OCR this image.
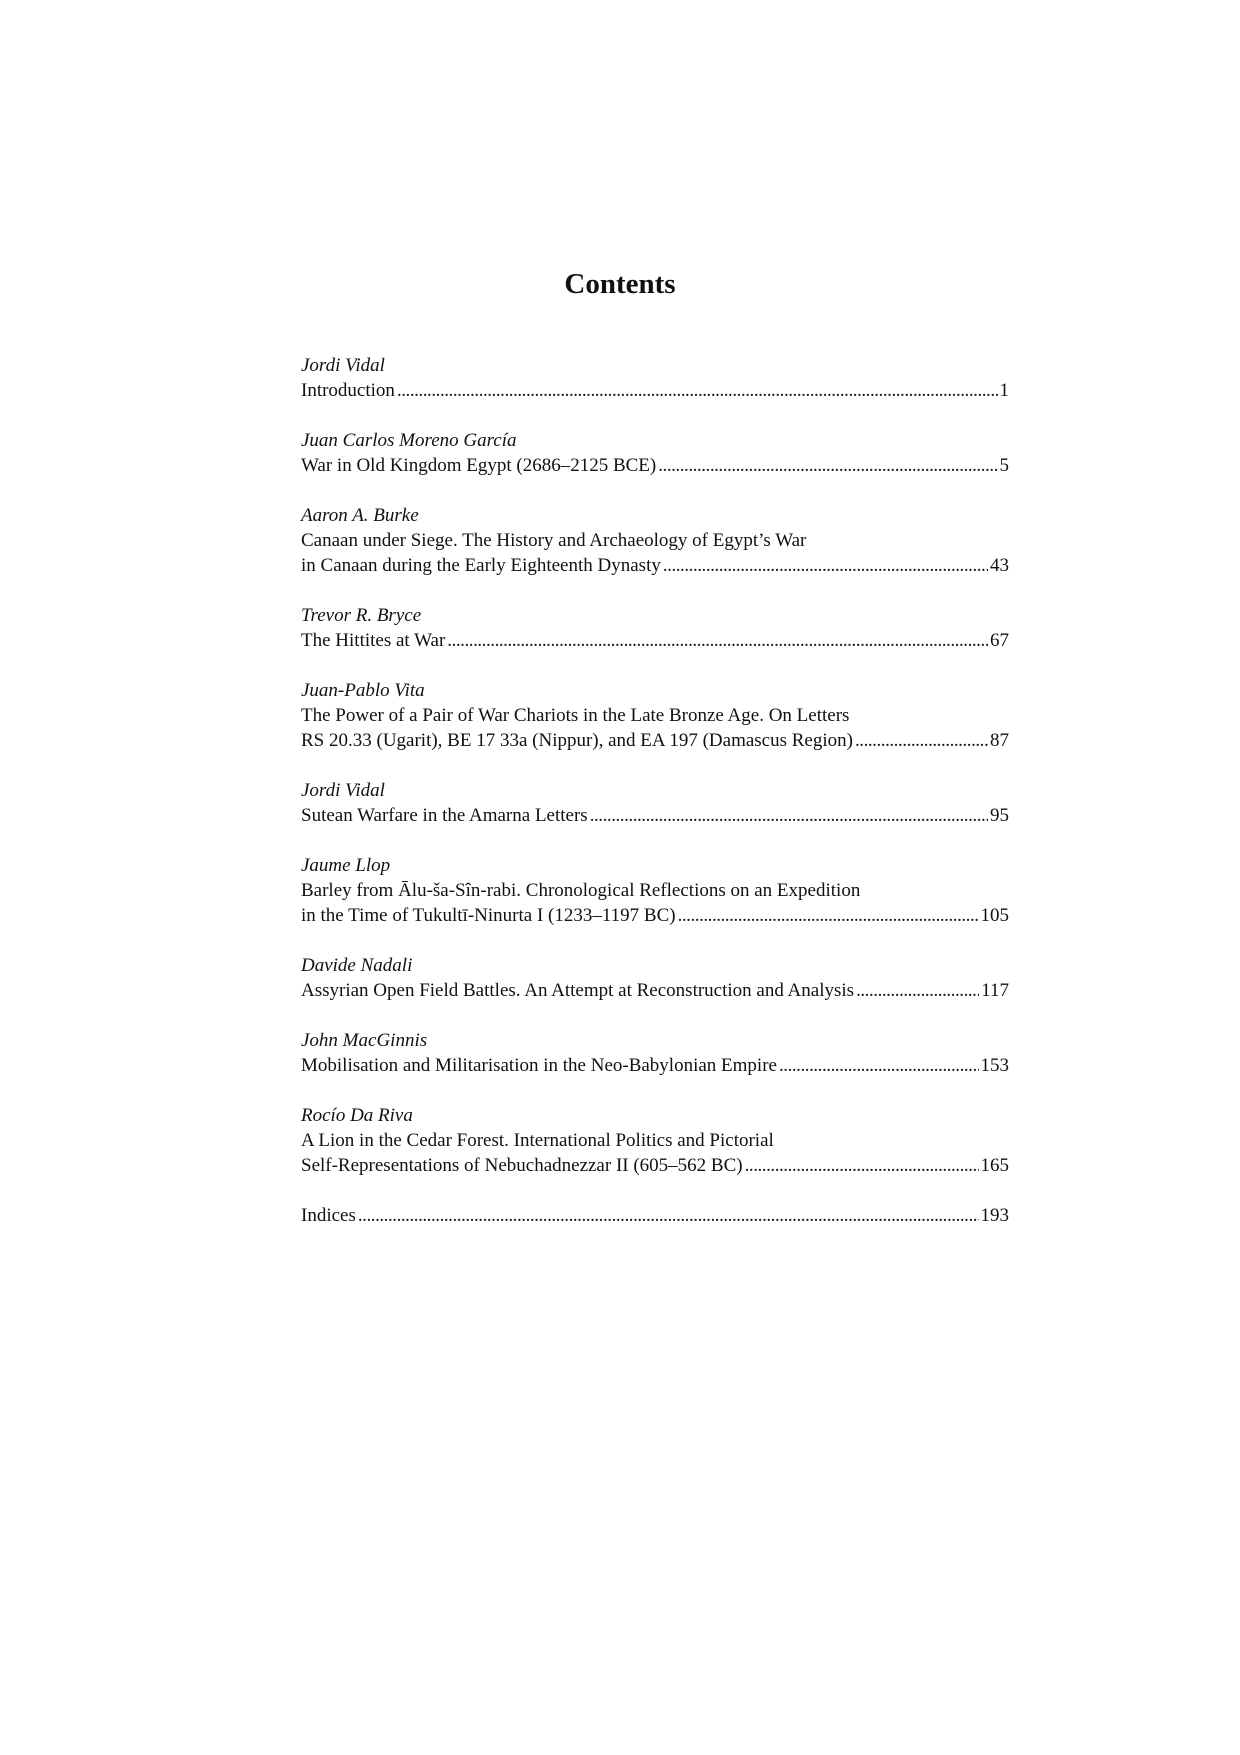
Contents
Jordi Vidal
Introduction . . .	1
Juan Carlos Moreno García
War in Old Kingdom Egypt (2686–2125 BCE) . . .	5
Aaron A. Burke
Canaan under Siege. The History and Archaeology of Egypt’s War
in Canaan during the Early Eighteenth Dynasty . . .	43
Trevor R. Bryce
The Hittites at War . . .	67
Juan-Pablo Vita
The Power of a Pair of War Chariots in the Late Bronze Age. On Letters
RS 20.33 (Ugarit), BE 17 33a (Nippur), and EA 197 (Damascus Region) . . .	87
Jordi Vidal
Sutean Warfare in the Amarna Letters . . .	95
Jaume Llop
Barley from Ālu-ša-Sîn-rabi. Chronological Reflections on an Expedition
in the Time of Tukultī-Ninurta I (1233–1197 BC) . . .	105
Davide Nadali
Assyrian Open Field Battles. An Attempt at Reconstruction and Analysis . . .	117
John MacGinnis
Mobilisation and Militarisation in the Neo-Babylonian Empire . . .	153
Rocío Da Riva
A Lion in the Cedar Forest. International Politics and Pictorial
Self-Representations of Nebuchadnezzar II (605–562 BC) . . .	165
Indices . . .	193
